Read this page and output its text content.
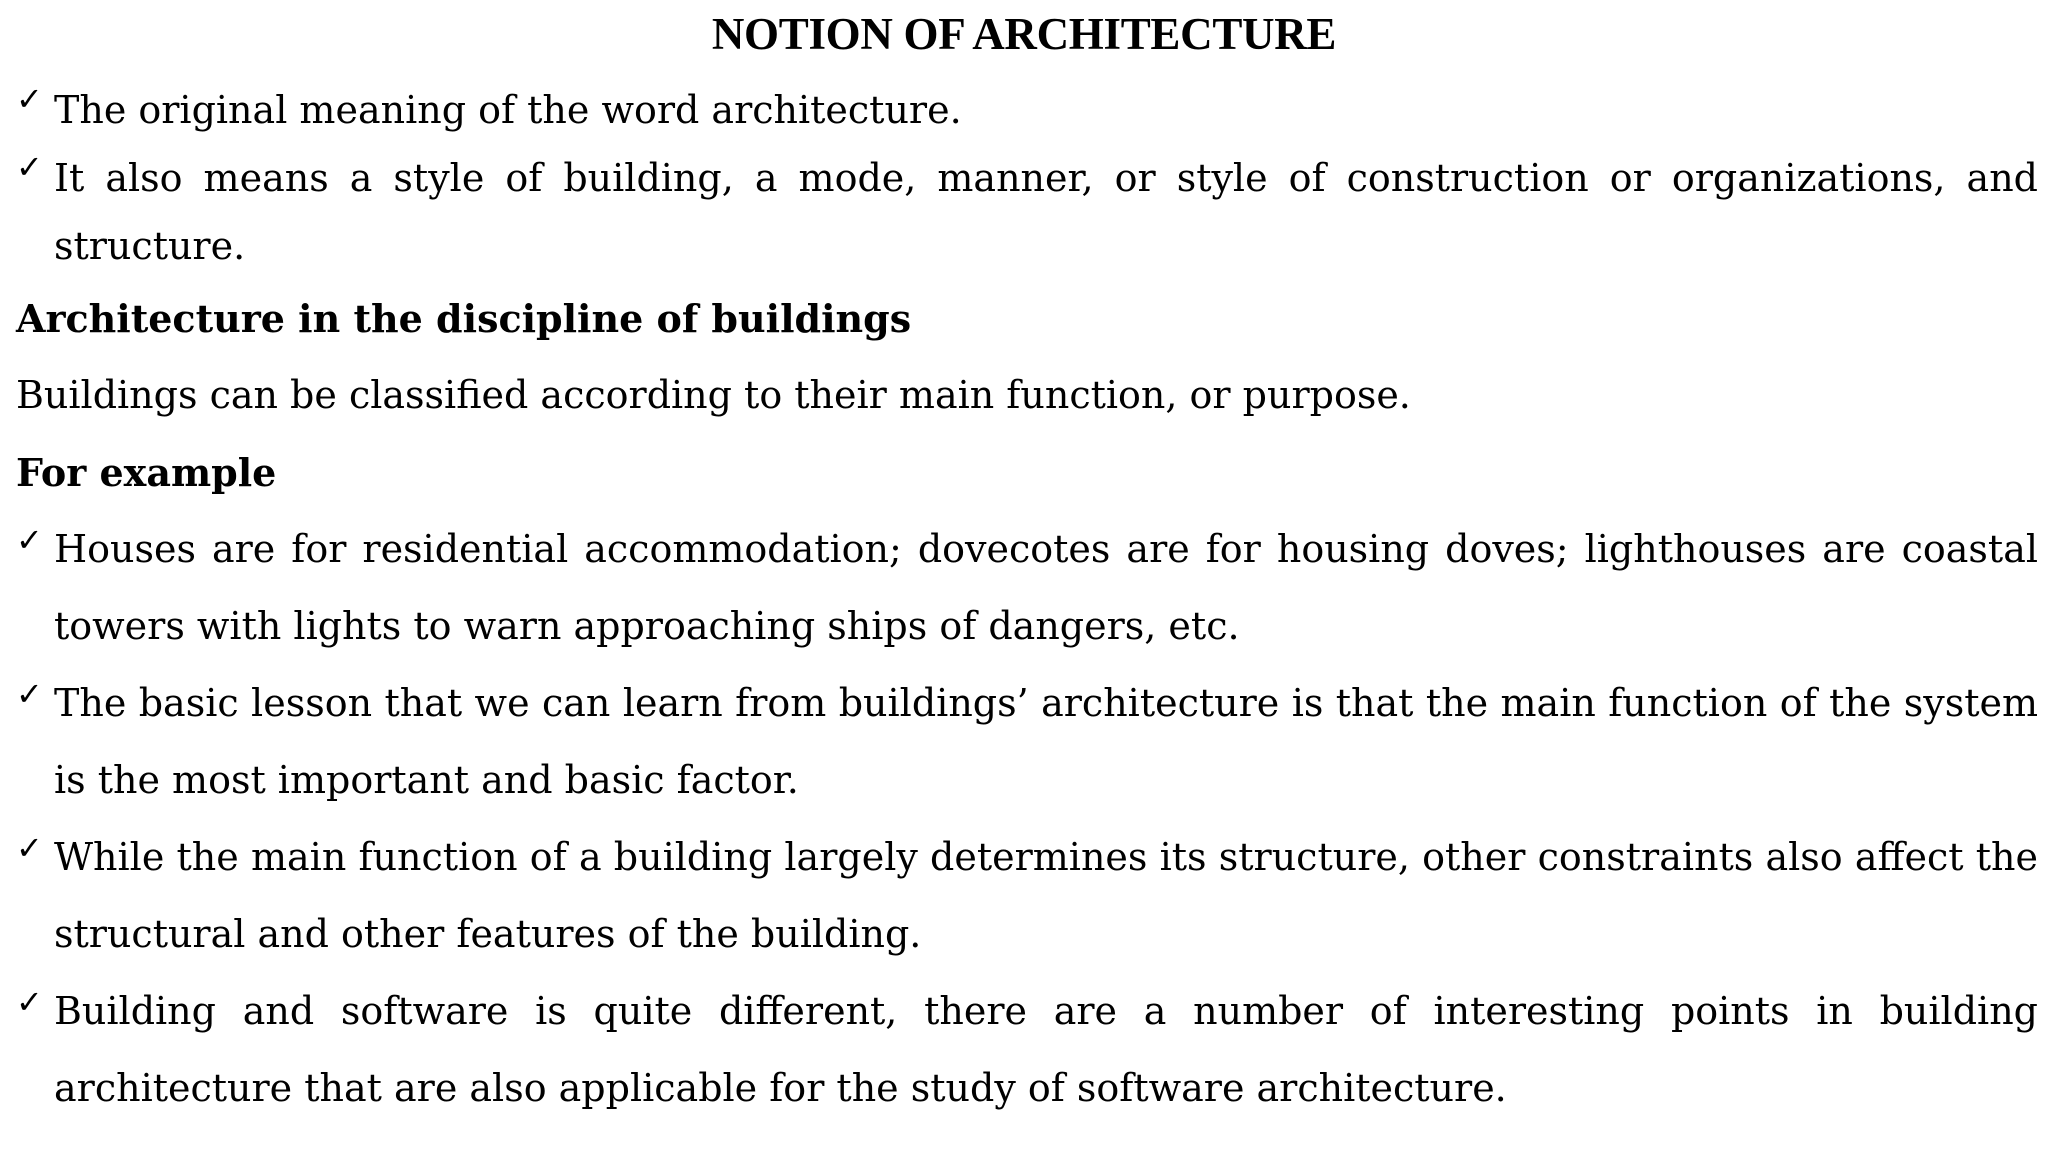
NOTION OF ARCHITECTURE
✓ The original meaning of the word architecture.
✓ It also means a style of building, a mode, manner, or style of construction or organizations, and structure.
Architecture in the discipline of buildings
Buildings can be classified according to their main function, or purpose.
For example
✓ Houses are for residential accommodation; dovecotes are for housing doves; lighthouses are coastal towers with lights to warn approaching ships of dangers, etc.
✓ The basic lesson that we can learn from buildings’ architecture is that the main function of the system is the most important and basic factor.
✓ While the main function of a building largely determines its structure, other constraints also affect the structural and other features of the building.
✓ Building and software is quite different, there are a number of interesting points in building architecture that are also applicable for the study of software architecture.
